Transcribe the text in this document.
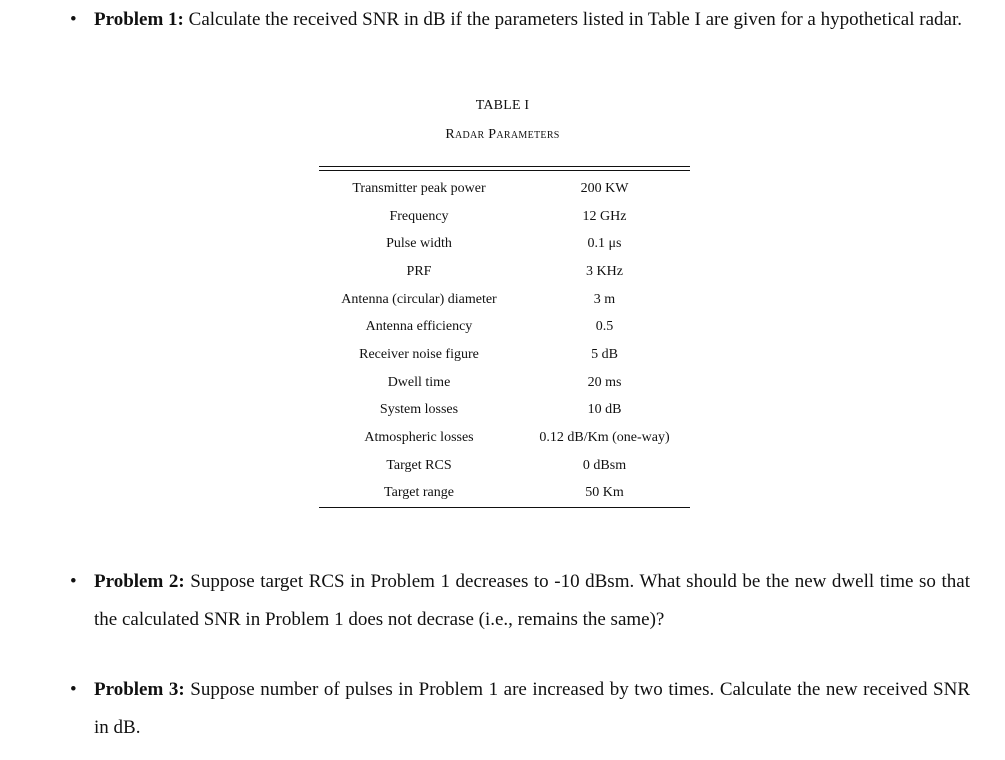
• Problem 1: Calculate the received SNR in dB if the parameters listed in Table I are given for a hypothetical radar.
TABLE I
Radar Parameters
Transmitter peak power	200 KW
Frequency	12 GHz
Pulse width	0.1 μs
PRF	3 KHz
Antenna (circular) diameter	3 m
Antenna efficiency	0.5
Receiver noise figure	5 dB
Dwell time	20 ms
System losses	10 dB
Atmospheric losses	0.12 dB/Km (one-way)
Target RCS	0 dBsm
Target range	50 Km
• Problem 2: Suppose target RCS in Problem 1 decreases to -10 dBsm. What should be the new dwell time so that the calculated SNR in Problem 1 does not decrase (i.e., remains the same)?
• Problem 3: Suppose number of pulses in Problem 1 are increased by two times. Calculate the new received SNR in dB.
